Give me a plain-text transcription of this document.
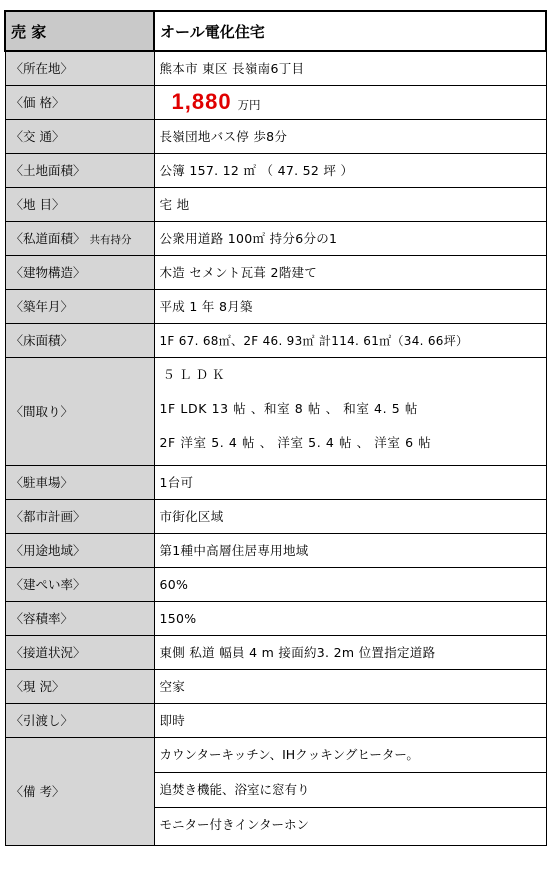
売 家	オール電化住宅
〈所在地〉	熊本市 東区 長嶺南6丁目
〈価 格〉	1,880 万円
〈交 通〉	長嶺団地バス停 歩8分
〈土地面積〉	公簿 157. 12 ㎡ （ 47. 52 坪 ）
〈地 目〉	宅 地
〈私道面積〉 共有持分	公衆用道路 100㎡ 持分6分の1
〈建物構造〉	木造 セメント瓦葺 2階建て
〈築年月〉	平成 1 年 8月築
〈床面積〉	1F 67. 68㎡、2F 46. 93㎡ 計114. 61㎡（34. 66坪）
〈間取り〉	５ＬＤＫ
1F LDK 13 帖 、和室 8 帖 、 和室 4. 5 帖
2F 洋室 5. 4 帖 、 洋室 5. 4 帖 、 洋室 6 帖

〈駐車場〉	1台可
〈都市計画〉	市街化区域
〈用途地域〉	第1種中高層住居専用地域
〈建ぺい率〉	60%
〈容積率〉	150%
〈接道状況〉	東側 私道 幅員 4 m 接面約3. 2m 位置指定道路
〈現 況〉	空家
〈引渡し〉	即時
〈備 考〉	カウンターキッチン、IHクッキングヒーター。
追焚き機能、浴室に窓有り
モニター付きインターホン
